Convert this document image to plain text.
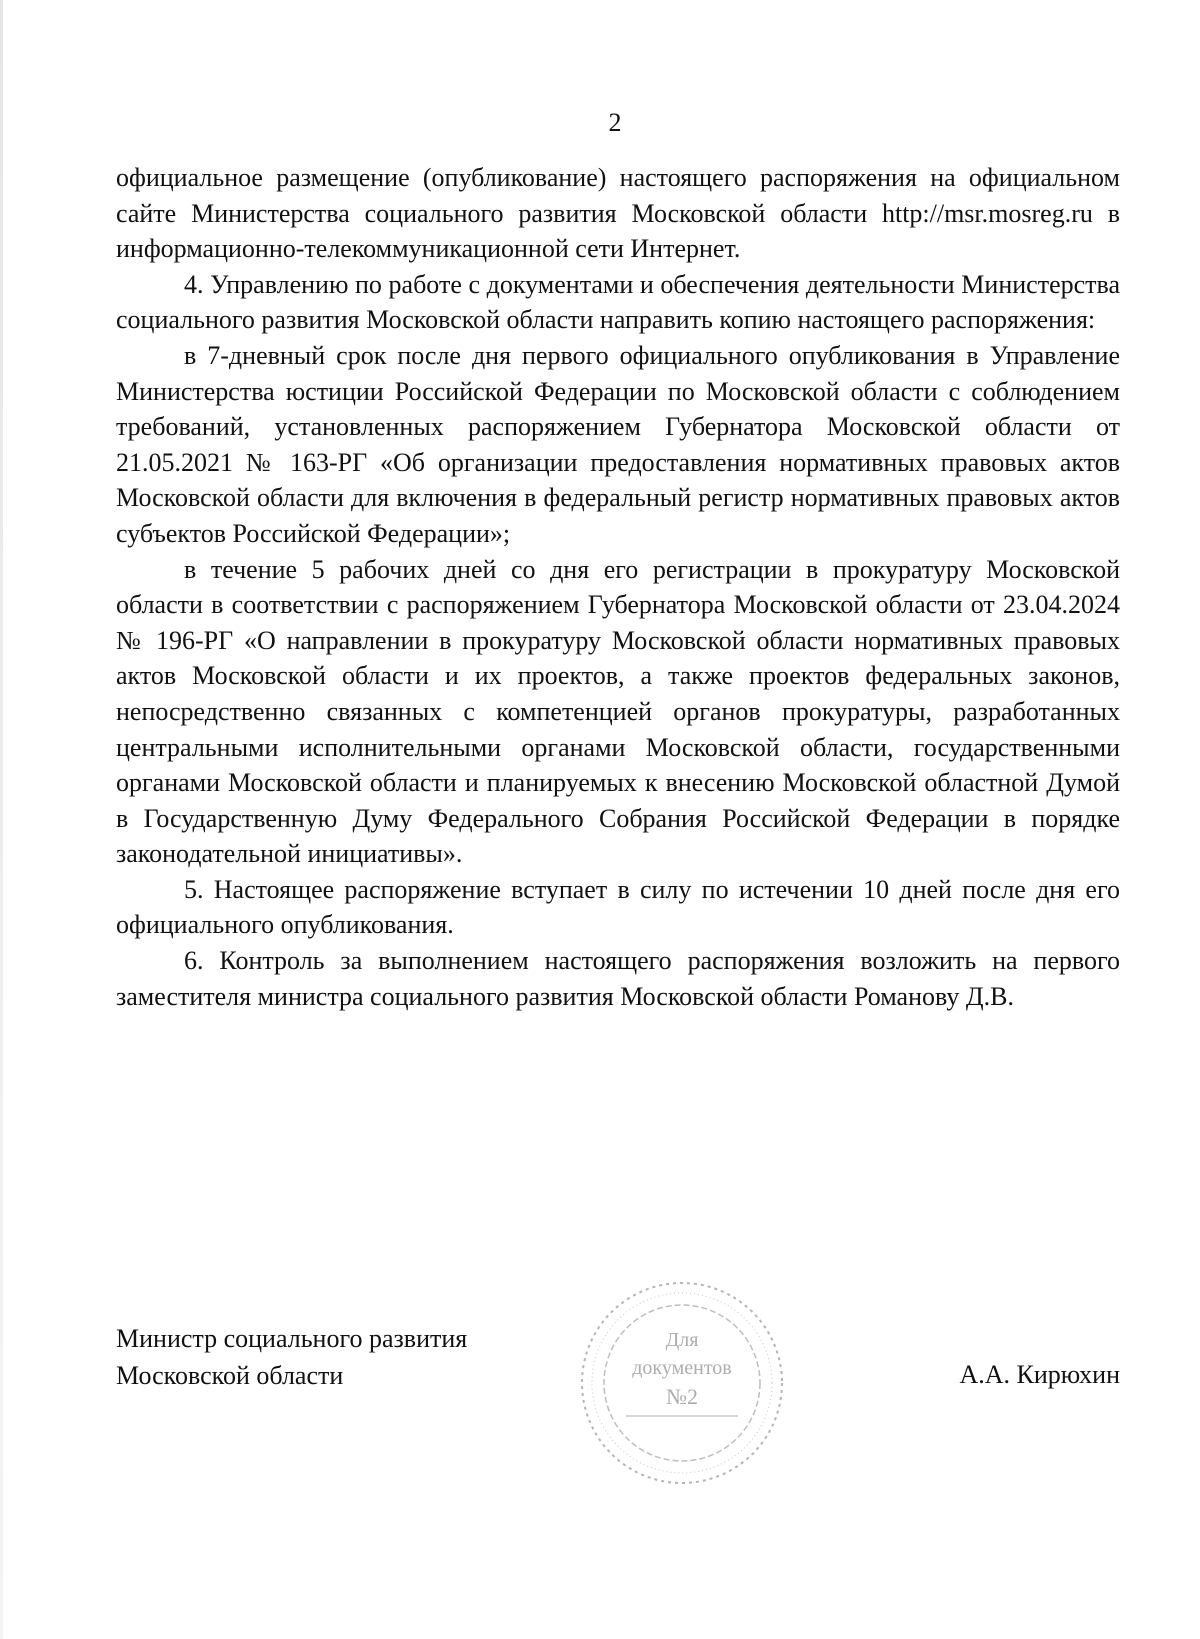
2

официальное размещение (опубликование) настоящего распоряжения на официальном сайте Министерства социального развития Московской области http://msr.mosreg.ru в информационно-телекоммуникационной сети Интернет.

4. Управлению по работе с документами и обеспечения деятельности Министерства социального развития Московской области направить копию настоящего распоряжения:

в 7-дневный срок после дня первого официального опубликования в Управление Министерства юстиции Российской Федерации по Московской области с соблюдением требований, установленных распоряжением Губернатора Московской области от 21.05.2021 № 163-РГ «Об организации предоставления нормативных правовых актов Московской области для включения в федеральный регистр нормативных правовых актов субъектов Российской Федерации»;

в течение 5 рабочих дней со дня его регистрации в прокуратуру Московской области в соответствии с распоряжением Губернатора Московской области от 23.04.2024 № 196-РГ «О направлении в прокуратуру Московской области нормативных правовых актов Московской области и их проектов, а также проектов федеральных законов, непосредственно связанных с компетенцией органов прокуратуры, разработанных центральными исполнительными органами Московской области, государственными органами Московской области и планируемых к внесению Московской областной Думой в Государственную Думу Федерального Собрания Российской Федерации в порядке законодательной инициативы».

5. Настоящее распоряжение вступает в силу по истечении 10 дней после дня его официального опубликования.

6. Контроль за выполнением настоящего распоряжения возложить на первого заместителя министра социального развития Московской области Романову Д.В.

Министр социального развития
Московской области
Для
документов
№2
А.А. Кирюхин
